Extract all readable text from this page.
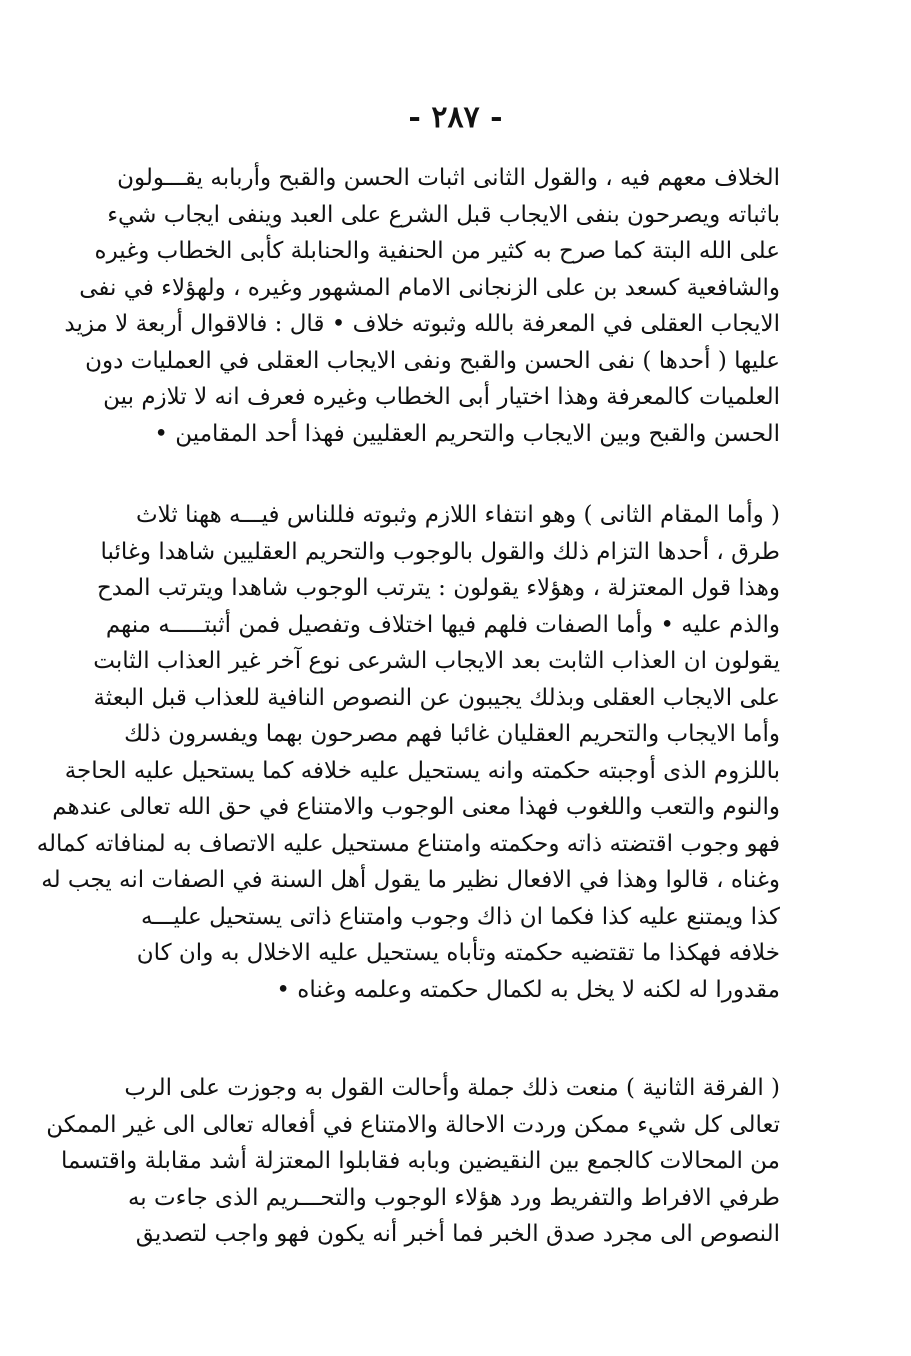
- ٢٨٧ -
الخلاف معهم فيه ، والقول الثانى اثبات الحسن والقبح وأربابه يقـــولون
باثباته ويصرحون بنفى الايجاب قبل الشرع على العبد وينفى ايجاب شيء
على الله البتة كما صرح به كثير من الحنفية والحنابلة كأبى الخطاب وغيره
والشافعية كسعد بن على الزنجانى الامام المشهور وغيره ، ولهؤلاء في نفى
الايجاب العقلى في المعرفة بالله وثبوته خلاف • قال : فالاقوال أربعة لا مزيد
عليها ( أحدها ) نفى الحسن والقبح ونفى الايجاب العقلى في العمليات دون
العلميات كالمعرفة وهذا اختيار أبى الخطاب وغيره فعرف انه لا تلازم بين
الحسن والقبح وبين الايجاب والتحريم العقليين فهذا أحد المقامين •
( وأما المقام الثانى ) وهو انتفاء اللازم وثبوته فللناس فيـــه ههنا ثلاث
طرق ، أحدها التزام ذلك والقول بالوجوب والتحريم العقليين شاهدا وغائبا
وهذا قول المعتزلة ، وهؤلاء يقولون : يترتب الوجوب شاهدا ويترتب المدح
والذم عليه • وأما الصفات فلهم فيها اختلاف وتفصيل فمن أثبتـــــه منهم
يقولون ان العذاب الثابت بعد الايجاب الشرعى نوع آخر غير العذاب الثابت
على الايجاب العقلى وبذلك يجيبون عن النصوص النافية للعذاب قبل البعثة
وأما الايجاب والتحريم العقليان غائبا فهم مصرحون بهما ويفسرون ذلك
باللزوم الذى أوجبته حكمته وانه يستحيل عليه خلافه كما يستحيل عليه الحاجة
والنوم والتعب واللغوب فهذا معنى الوجوب والامتناع في حق الله تعالى عندهم
فهو وجوب اقتضته ذاته وحكمته وامتناع مستحيل عليه الاتصاف به لمنافاته كماله
وغناه ، قالوا وهذا في الافعال نظير ما يقول أهل السنة في الصفات انه يجب له
كذا ويمتنع عليه كذا فكما ان ذاك وجوب وامتناع ذاتى يستحيل عليـــه
خلافه فهكذا ما تقتضيه حكمته وتأباه يستحيل عليه الاخلال به وان كان
مقدورا له لكنه لا يخل به لكمال حكمته وعلمه وغناه •
( الفرقة الثانية ) منعت ذلك جملة وأحالت القول به وجوزت على الرب
تعالى كل شيء ممكن وردت الاحالة والامتناع في أفعاله تعالى الى غير الممكن
من المحالات كالجمع بين النقيضين وبابه فقابلوا المعتزلة أشد مقابلة واقتسما
طرفي الافراط والتفريط ورد هؤلاء الوجوب والتحـــريم الذى جاءت به
النصوص الى مجرد صدق الخبر فما أخبر أنه يكون فهو واجب لتصديق
